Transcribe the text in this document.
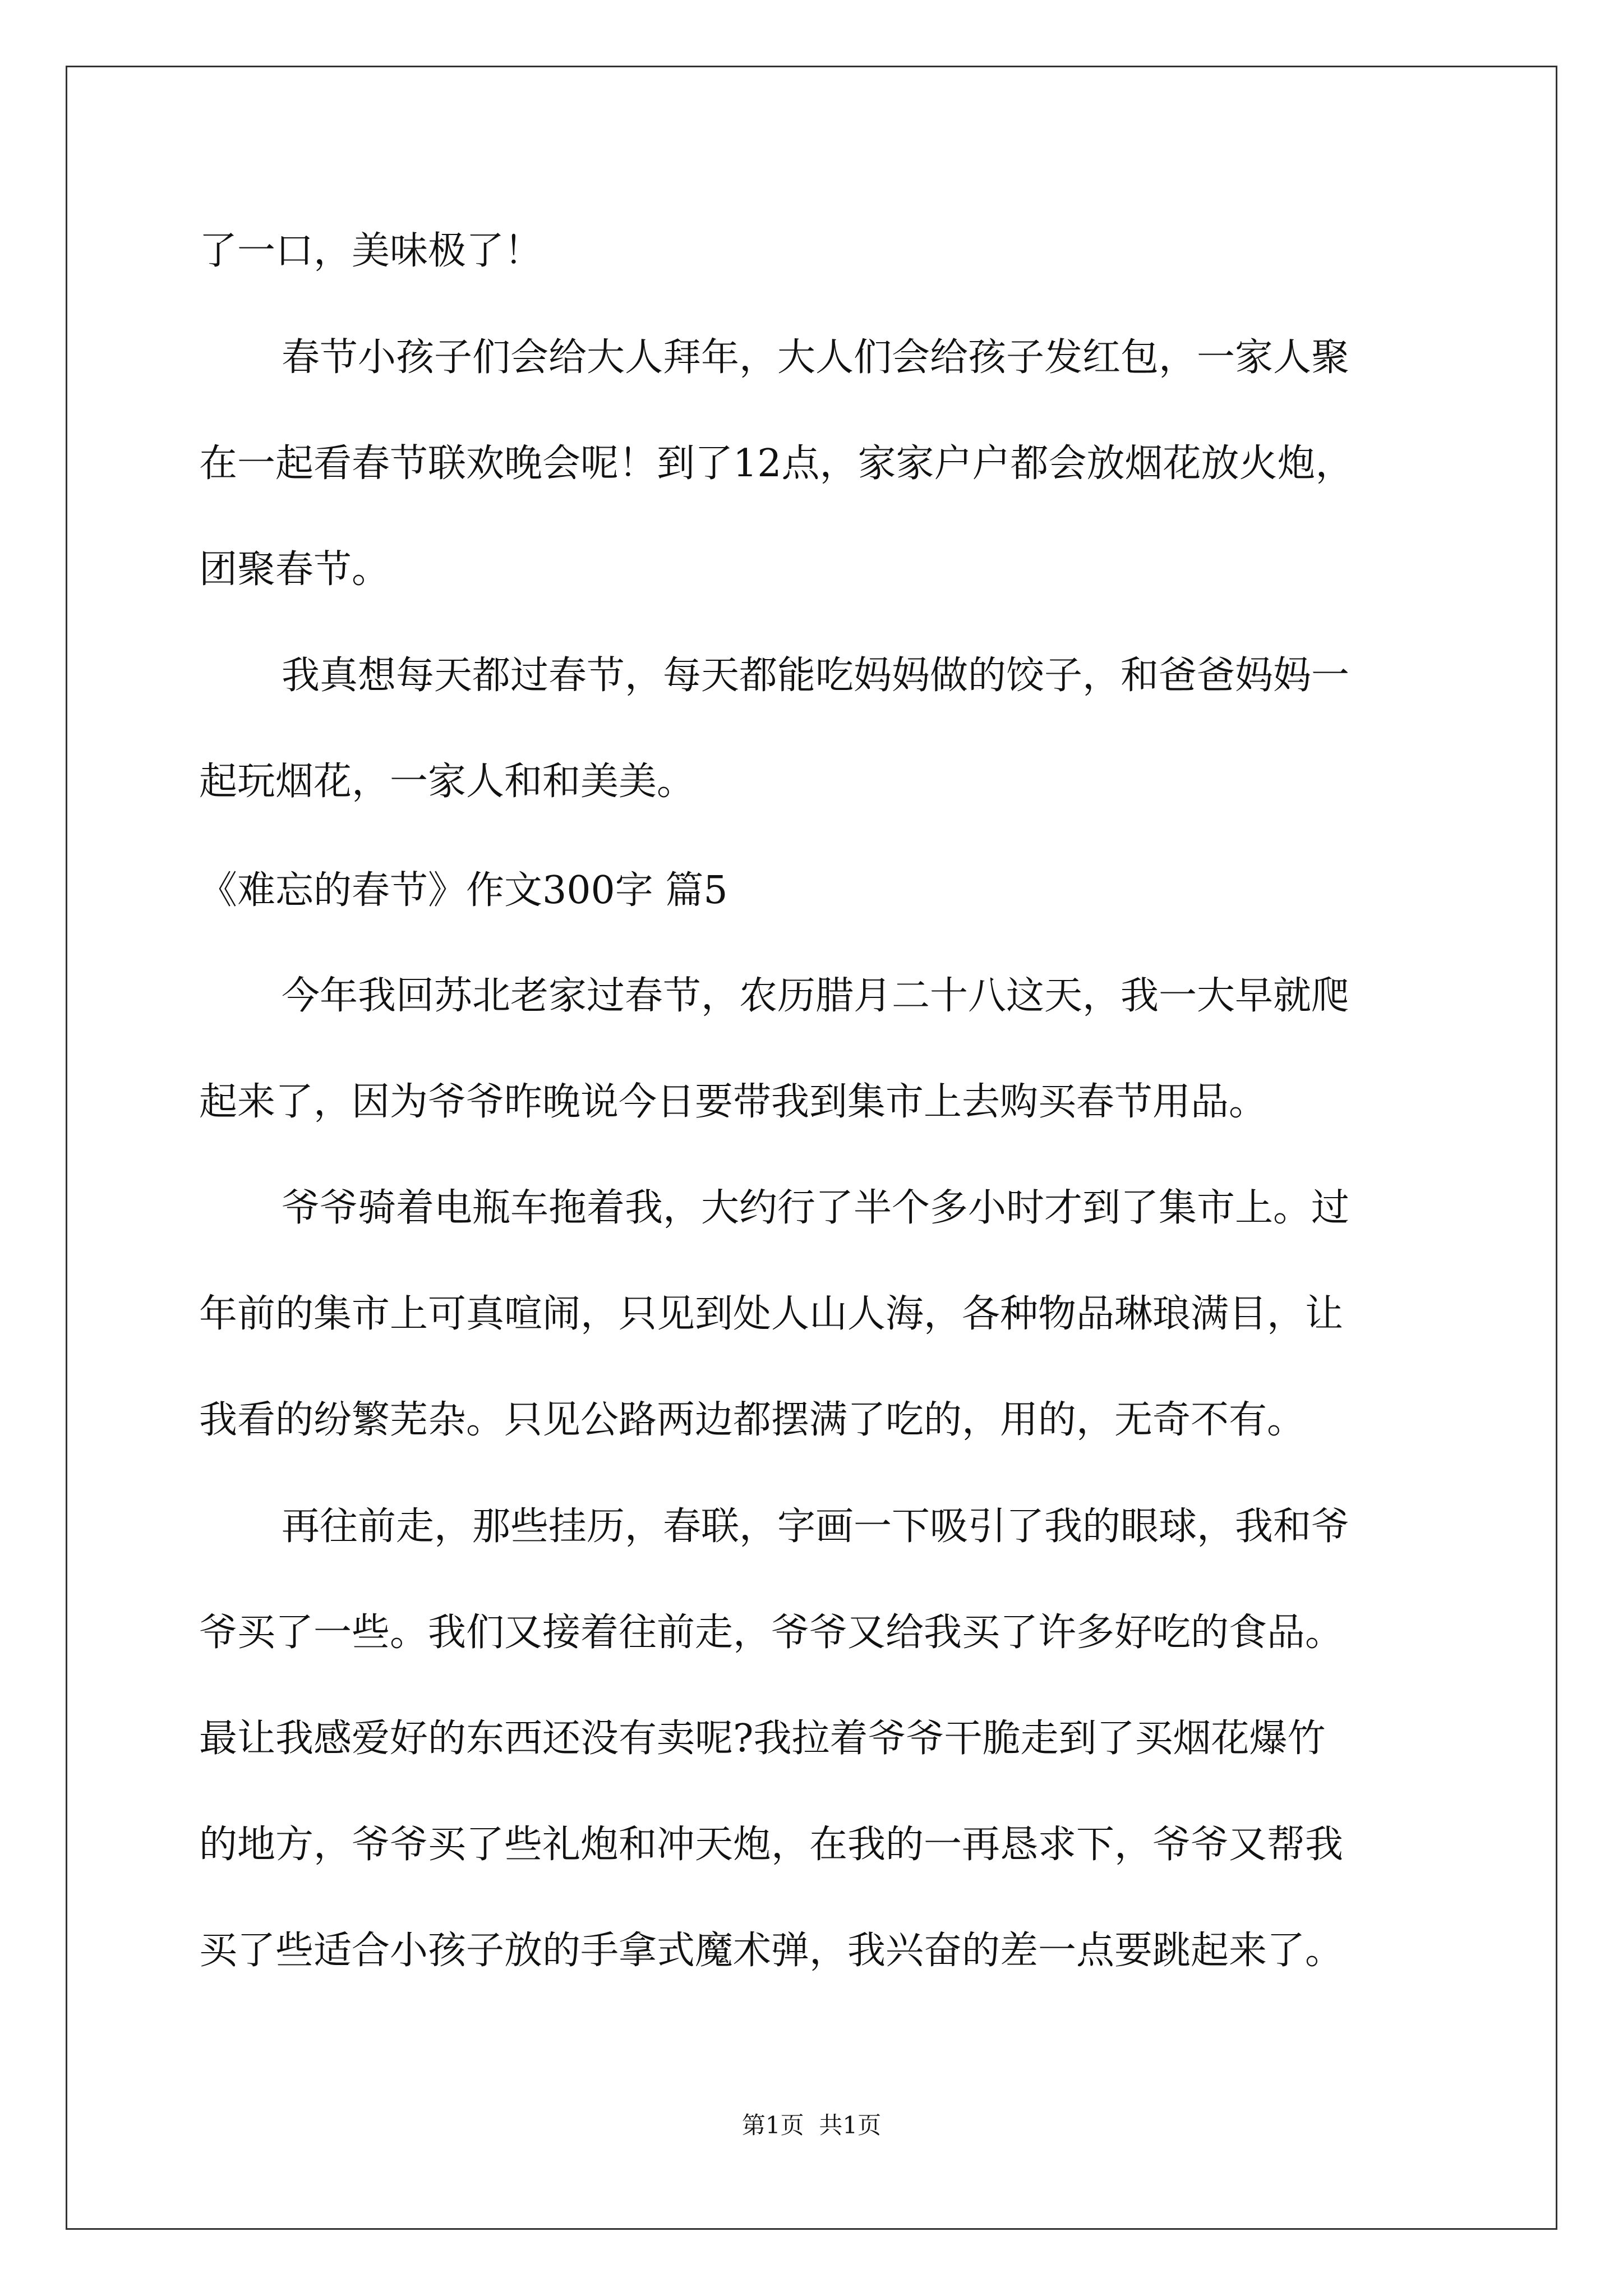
了一口，美味极了！
春节小孩子们会给大人拜年，大人们会给孩子发红包，一家人聚
在一起看春节联欢晚会呢！到了12点，家家户户都会放烟花放火炮，
团聚春节。
我真想每天都过春节，每天都能吃妈妈做的饺子，和爸爸妈妈一
起玩烟花，一家人和和美美。
《难忘的春节》作文300字 篇5
今年我回苏北老家过春节，农历腊月二十八这天，我一大早就爬
起来了，因为爷爷昨晚说今日要带我到集市上去购买春节用品。
爷爷骑着电瓶车拖着我，大约行了半个多小时才到了集市上。过
年前的集市上可真喧闹，只见到处人山人海，各种物品琳琅满目，让
我看的纷繁芜杂。只见公路两边都摆满了吃的，用的，无奇不有。
再往前走，那些挂历，春联，字画一下吸引了我的眼球，我和爷
爷买了一些。我们又接着往前走，爷爷又给我买了许多好吃的食品。
最让我感爱好的东西还没有卖呢?我拉着爷爷干脆走到了买烟花爆竹
的地方，爷爷买了些礼炮和冲天炮，在我的一再恳求下，爷爷又帮我
买了些适合小孩子放的手拿式魔术弹，我兴奋的差一点要跳起来了。
第1页  共1页
